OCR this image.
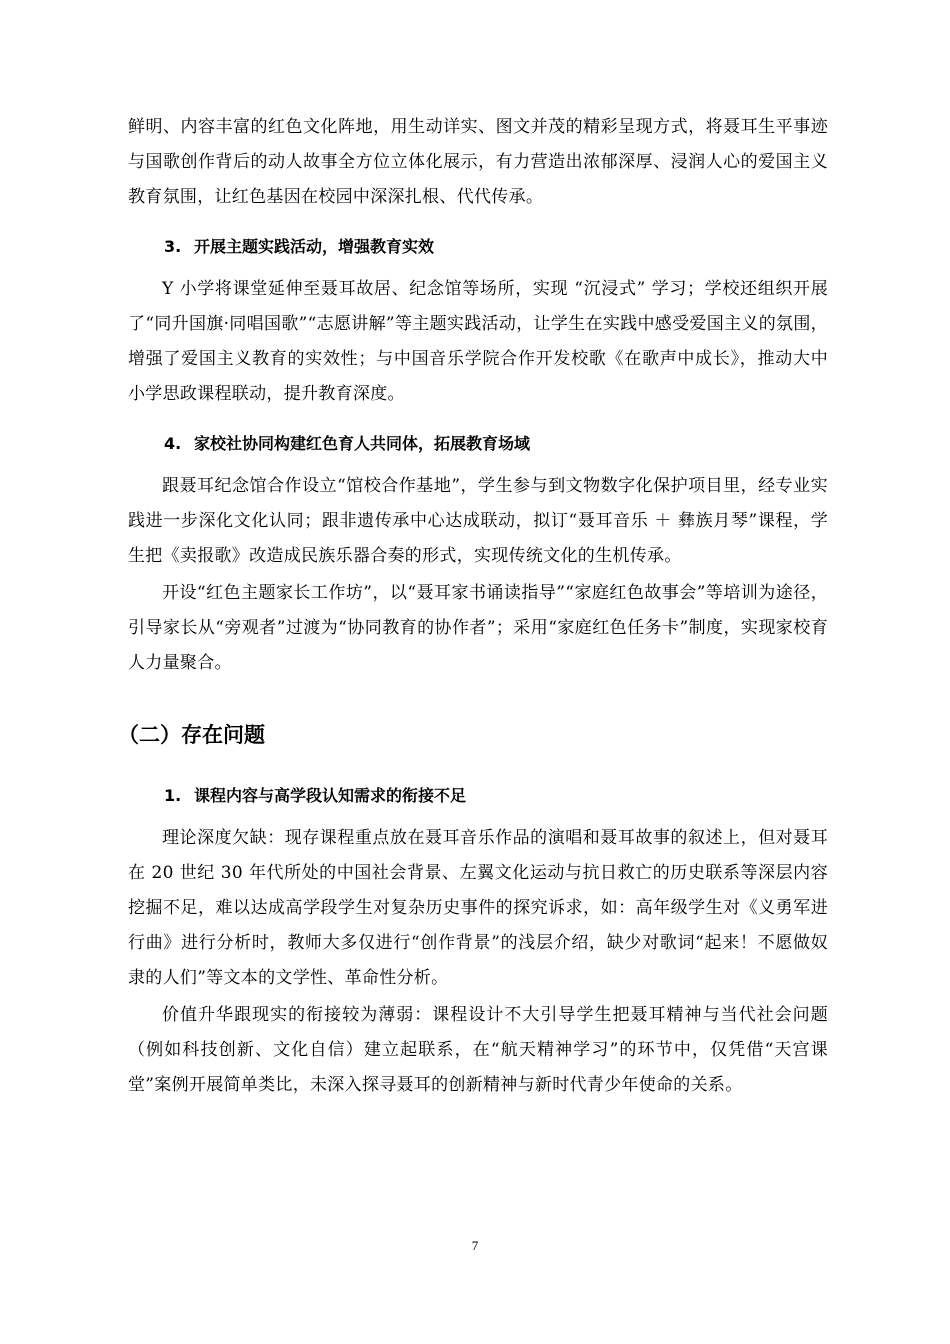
鲜明、内容丰富的红色文化阵地，用生动详实、图文并茂的精彩呈现方式，将聂耳生平事迹与国歌创作背后的动人故事全方位立体化展示，有力营造出浓郁深厚、浸润人心的爱国主义教育氛围，让红色基因在校园中深深扎根、代代传承。

3. 开展主题实践活动，增强教育实效

Y 小学将课堂延伸至聂耳故居、纪念馆等场所，实现 “沉浸式” 学习；学校还组织开展了“同升国旗·同唱国歌”“志愿讲解”等主题实践活动，让学生在实践中感受爱国主义的氛围，增强了爱国主义教育的实效性；与中国音乐学院合作开发校歌《在歌声中成长》，推动大中小学思政课程联动，提升教育深度。

4. 家校社协同构建红色育人共同体，拓展教育场域

跟聂耳纪念馆合作设立“馆校合作基地”，学生参与到文物数字化保护项目里，经专业实践进一步深化文化认同；跟非遗传承中心达成联动，拟订“聂耳音乐 ＋ 彝族月琴”课程，学生把《卖报歌》改造成民族乐器合奏的形式，实现传统文化的生机传承。

开设“红色主题家长工作坊”，以“聂耳家书诵读指导”“家庭红色故事会”等培训为途径，引导家长从“旁观者”过渡为“协同教育的协作者”；采用“家庭红色任务卡”制度，实现家校育人力量聚合。

（二）存在问题
1. 课程内容与高学段认知需求的衔接不足

理论深度欠缺：现存课程重点放在聂耳音乐作品的演唱和聂耳故事的叙述上，但对聂耳在 20 世纪 30 年代所处的中国社会背景、左翼文化运动与抗日救亡的历史联系等深层内容挖掘不足，难以达成高学段学生对复杂历史事件的探究诉求，如：高年级学生对《义勇军进行曲》进行分析时，教师大多仅进行“创作背景”的浅层介绍，缺少对歌词“起来！不愿做奴隶的人们”等文本的文学性、革命性分析。

价值升华跟现实的衔接较为薄弱：课程设计不大引导学生把聂耳精神与当代社会问题（例如科技创新、文化自信）建立起联系，在“航天精神学习”的环节中，仅凭借“天宫课堂”案例开展简单类比，未深入探寻聂耳的创新精神与新时代青少年使命的关系。

7
